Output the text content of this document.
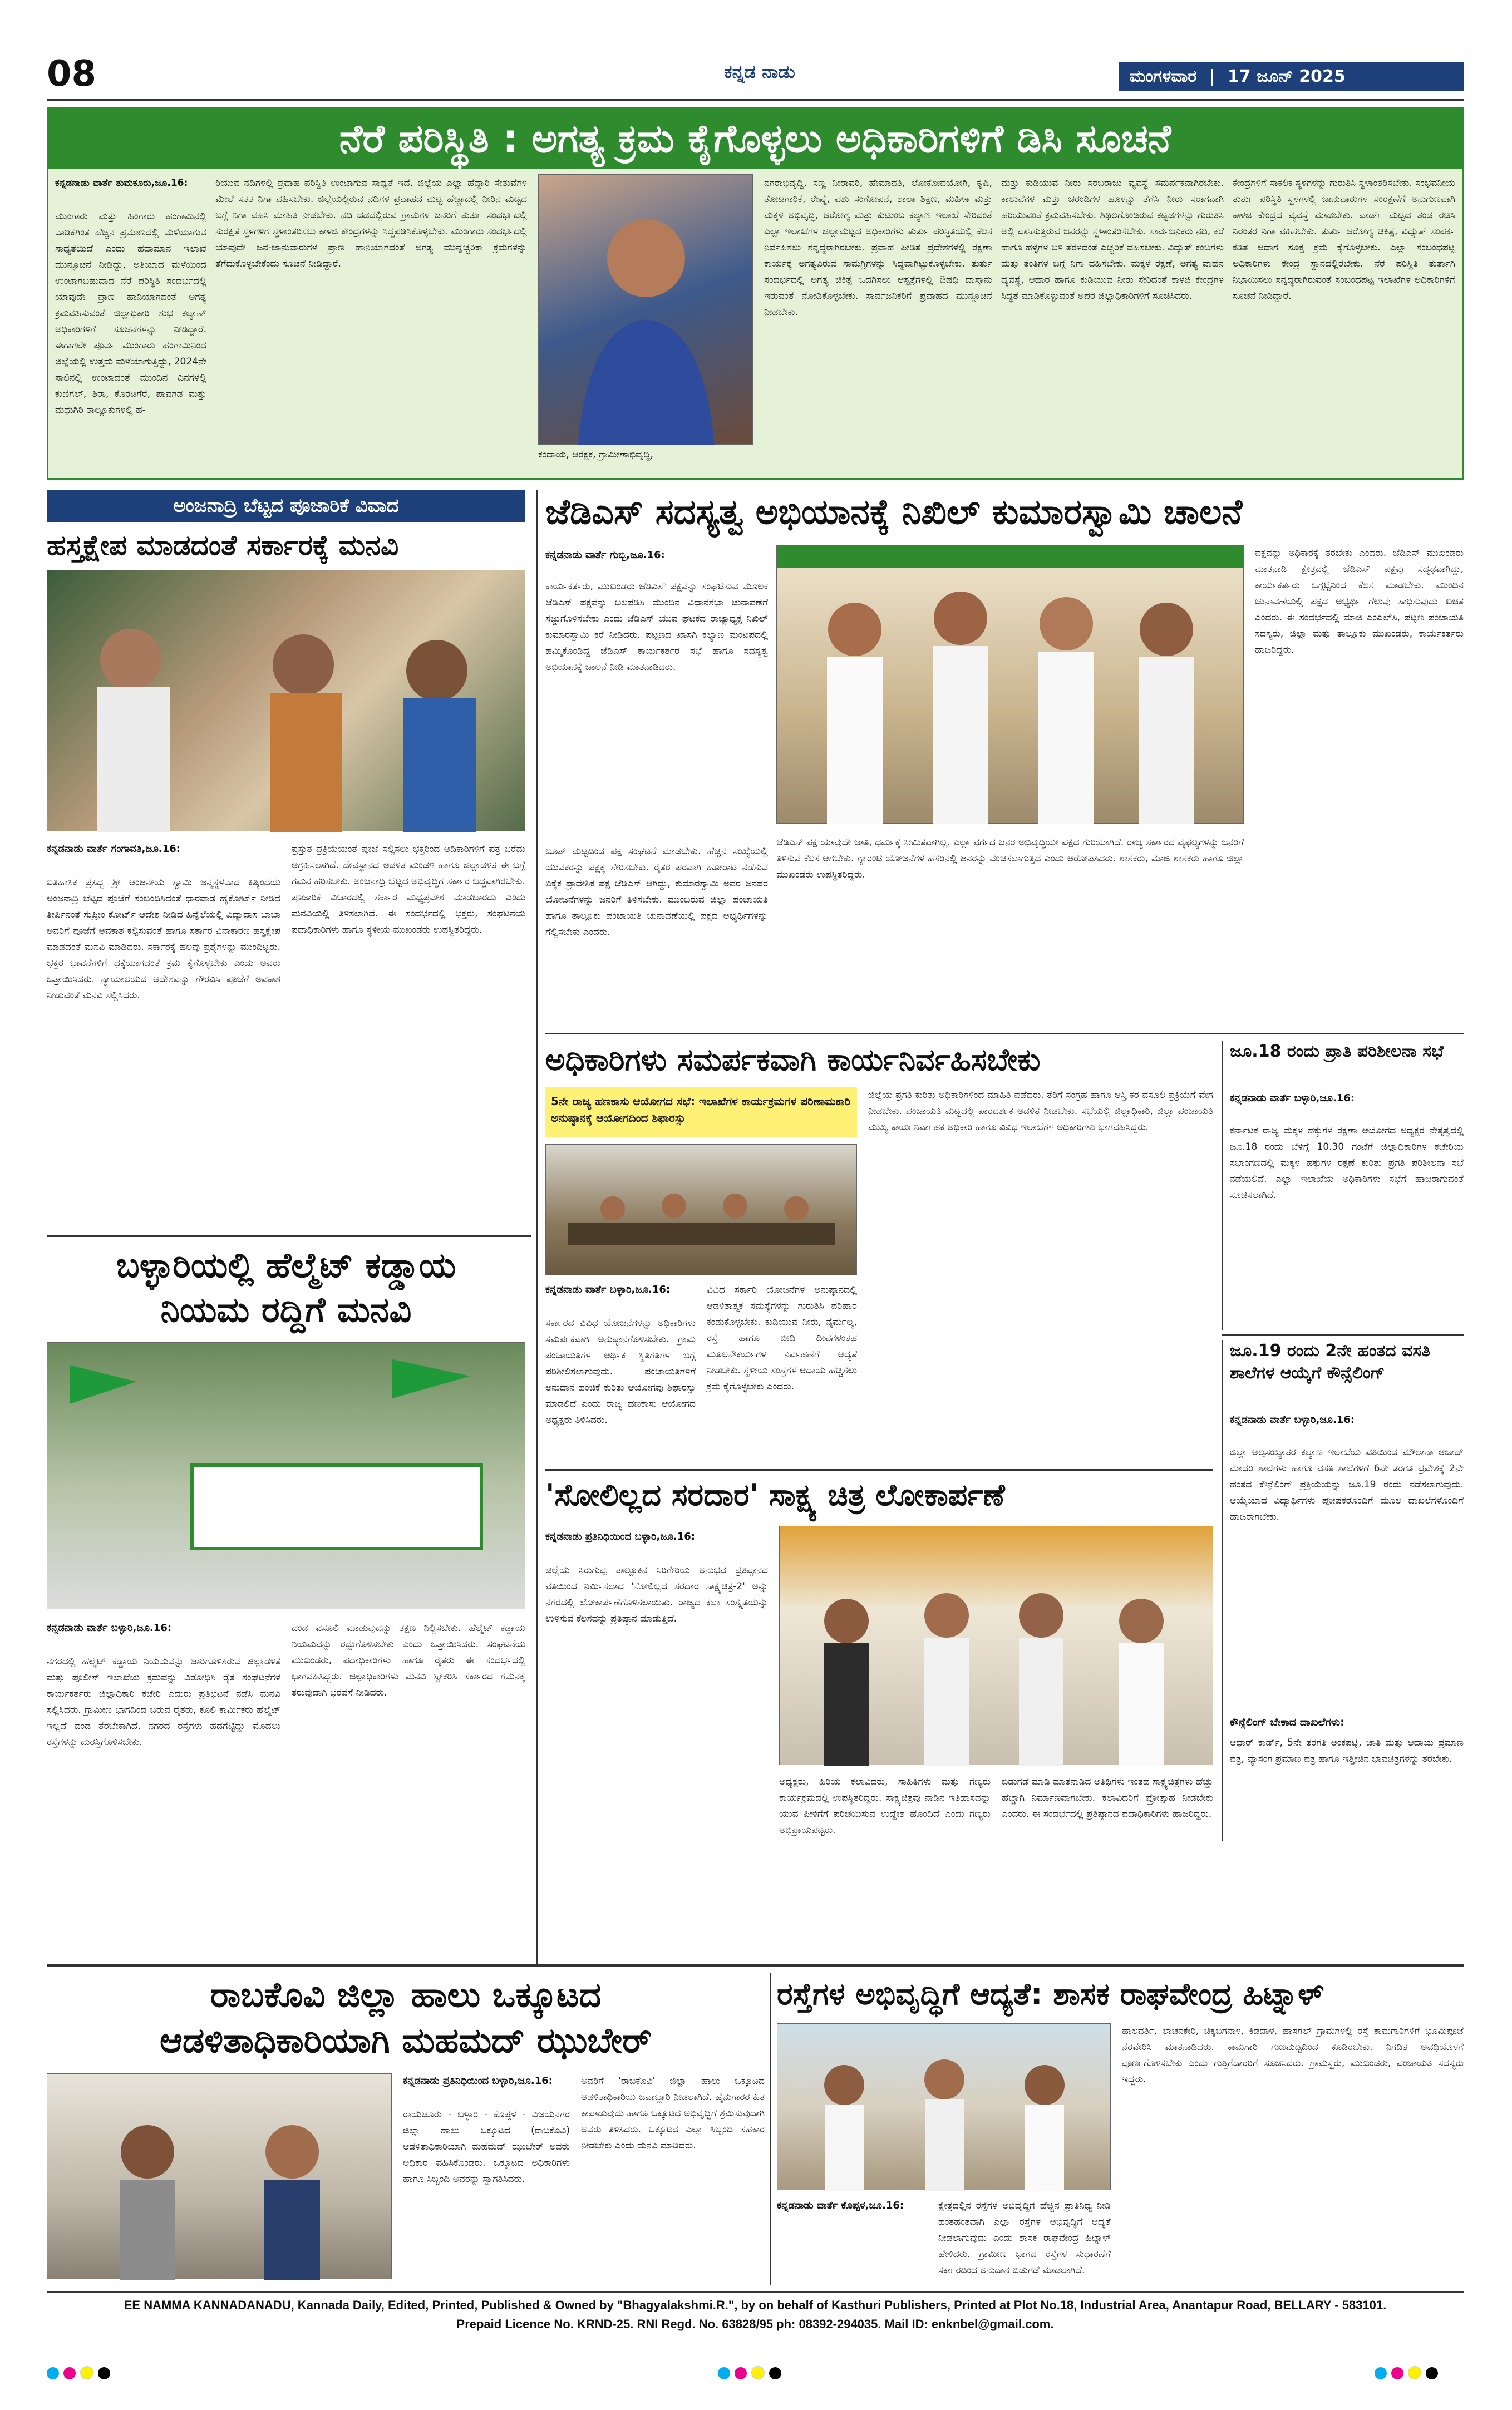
08	ಕನ್ನಡ ನಾಡು	ಮಂಗಳವಾರ | 17 ಜೂನ್ 2025
ನೆರೆ ಪರಿಸ್ಥಿತಿ : ಅಗತ್ಯ ಕ್ರಮ ಕೈಗೊಳ್ಳಲು ಅಧಿಕಾರಿಗಳಿಗೆ ಡಿಸಿ ಸೂಚನೆ
ಕನ್ನಡನಾಡು ವಾರ್ತೆ ತುಮಕೂರು,ಜೂ.16:
ಮುಂಗಾರು ಮತ್ತು ಹಿಂಗಾರು ಹಂಗಾಮಿನಲ್ಲಿ ವಾಡಿಕೆಗಿಂತ ಹೆಚ್ಚಿನ ಪ್ರಮಾಣದಲ್ಲಿ ಮಳೆಯಾಗುವ ಸಾಧ್ಯತೆಯಿದೆ ಎಂದು ಹವಾಮಾನ ಇಲಾಖೆ ಮುನ್ಸೂಚನೆ ನೀಡಿದ್ದು, ಅತಿಯಾದ ಮಳೆಯಿಂದ ಉಂಟಾಗಬಹುದಾದ ನೆರೆ ಪರಿಸ್ಥಿತಿ ಸಂದರ್ಭದಲ್ಲಿ ಯಾವುದೇ ಪ್ರಾಣ ಹಾನಿಯಾಗದಂತೆ ಅಗತ್ಯ ಕ್ರಮವಹಿಸುವಂತೆ ಜಿಲ್ಲಾಧಿಕಾರಿ ಶುಭ ಕಲ್ಯಾಣ್ ಅಧಿಕಾರಿಗಳಿಗೆ ಸೂಚನೆಗಳನ್ನು ನೀಡಿದ್ದಾರೆ. ಈಗಾಗಲೇ ಪೂರ್ವ ಮುಂಗಾರು ಹಂಗಾಮಿನಿಂದ ಜಿಲ್ಲೆಯಲ್ಲಿ ಉತ್ತಮ ಮಳೆಯಾಗುತ್ತಿದ್ದು, 2024ನೇ ಸಾಲಿನಲ್ಲಿ ಉಂಟಾದಂತೆ ಮುಂದಿನ ದಿನಗಳಲ್ಲಿ ಕುಣಿಗಲ್, ಶಿರಾ, ಕೊರಟಗೆರೆ, ಪಾವಗಡ ಮತ್ತು ಮಧುಗಿರಿ ತಾಲ್ಲೂಕುಗಳಲ್ಲಿ ಹ-
ರಿಯುವ ನದಿಗಳಲ್ಲಿ ಪ್ರವಾಹ ಪರಿಸ್ಥಿತಿ ಉಂಟಾಗುವ ಸಾಧ್ಯತೆ ಇದೆ. ಜಿಲ್ಲೆಯ ಎಲ್ಲಾ ಹೆದ್ದಾರಿ ಸೇತುವೆಗಳ ಮೇಲೆ ಸತತ ನಿಗಾ ವಹಿಸಬೇಕು. ಜಿಲ್ಲೆಯಲ್ಲಿರುವ ನದಿಗಳ ಪ್ರವಾಹದ ಮಟ್ಟ ಹೆಚ್ಚಾದಲ್ಲಿ ನೀರಿನ ಮಟ್ಟದ ಬಗ್ಗೆ ನಿಗಾ ವಹಿಸಿ ಮಾಹಿತಿ ನೀಡಬೇಕು. ನದಿ ದಡದಲ್ಲಿರುವ ಗ್ರಾಮಗಳ ಜನರಿಗೆ ತುರ್ತು ಸಂದರ್ಭದಲ್ಲಿ ಸುರಕ್ಷಿತ ಸ್ಥಳಗಳಿಗೆ ಸ್ಥಳಾಂತರಿಸಲು ಕಾಳಜಿ ಕೇಂದ್ರಗಳನ್ನು ಸಿದ್ಧಪಡಿಸಿಕೊಳ್ಳಬೇಕು. ಮುಂಗಾರು ಸಂದರ್ಭದಲ್ಲಿ ಯಾವುದೇ ಜನ-ಜಾನುವಾರುಗಳ ಪ್ರಾಣ ಹಾನಿಯಾಗದಂತೆ ಅಗತ್ಯ ಮುನ್ನೆಚ್ಚರಿಕಾ ಕ್ರಮಗಳನ್ನು ತೆಗೆದುಕೊಳ್ಳಬೇಕೆಂದು ಸೂಚನೆ ನೀಡಿದ್ದಾರೆ.
ಕಂದಾಯ, ಆರಕ್ಷಕ, ಗ್ರಾಮೀಣಾಭಿವೃದ್ಧಿ,
ನಗರಾಭಿವೃದ್ಧಿ, ಸಣ್ಣ ನೀರಾವರಿ, ಹೇಮಾವತಿ, ಲೋಕೋಪಯೋಗಿ, ಕೃಷಿ, ತೋಟಗಾರಿಕೆ, ರೇಷ್ಮೆ, ಪಶು ಸಂಗೋಪನೆ, ಶಾಲಾ ಶಿಕ್ಷಣ, ಮಹಿಳಾ ಮತ್ತು ಮಕ್ಕಳ ಅಭಿವೃದ್ಧಿ, ಆರೋಗ್ಯ ಮತ್ತು ಕುಟುಂಬ ಕಲ್ಯಾಣ ಇಲಾಖೆ ಸೇರಿದಂತೆ ಎಲ್ಲಾ ಇಲಾಖೆಗಳ ಜಿಲ್ಲಾಮಟ್ಟದ ಅಧಿಕಾರಿಗಳು ತುರ್ತು ಪರಿಸ್ಥಿತಿಯಲ್ಲಿ ಕೆಲಸ ನಿರ್ವಹಿಸಲು ಸನ್ನದ್ಧರಾಗಿರಬೇಕು. ಪ್ರವಾಹ ಪೀಡಿತ ಪ್ರದೇಶಗಳಲ್ಲಿ ರಕ್ಷಣಾ ಕಾರ್ಯಕ್ಕೆ ಅಗತ್ಯವಿರುವ ಸಾಮಗ್ರಿಗಳನ್ನು ಸಿದ್ಧವಾಗಿಟ್ಟುಕೊಳ್ಳಬೇಕು. ತುರ್ತು ಸಂದರ್ಭದಲ್ಲಿ ಅಗತ್ಯ ಚಿಕಿತ್ಸೆ ಒದಗಿಸಲು ಆಸ್ಪತ್ರೆಗಳಲ್ಲಿ ಔಷಧಿ ದಾಸ್ತಾನು ಇರುವಂತೆ ನೋಡಿಕೊಳ್ಳಬೇಕು. ಸಾರ್ವಜನಿಕರಿಗೆ ಪ್ರವಾಹದ ಮುನ್ಸೂಚನೆ ನೀಡಬೇಕು.
ಮತ್ತು ಕುಡಿಯುವ ನೀರು ಸರಬರಾಜು ವ್ಯವಸ್ಥೆ ಸಮರ್ಪಕವಾಗಿರಬೇಕು. ಕಾಲುವೆಗಳ ಮತ್ತು ಚರಂಡಿಗಳ ಹೂಳನ್ನು ತೆಗೆಸಿ ನೀರು ಸರಾಗವಾಗಿ ಹರಿಯುವಂತೆ ಕ್ರಮವಹಿಸಬೇಕು. ಶಿಥಿಲಗೊಂಡಿರುವ ಕಟ್ಟಡಗಳನ್ನು ಗುರುತಿಸಿ ಅಲ್ಲಿ ವಾಸಿಸುತ್ತಿರುವ ಜನರನ್ನು ಸ್ಥಳಾಂತರಿಸಬೇಕು. ಸಾರ್ವಜನಿಕರು ನದಿ, ಕೆರೆ ಹಾಗೂ ಹಳ್ಳಗಳ ಬಳಿ ತೆರಳದಂತೆ ಎಚ್ಚರಿಕೆ ವಹಿಸಬೇಕು. ವಿದ್ಯುತ್ ಕಂಬಗಳು ಮತ್ತು ತಂತಿಗಳ ಬಗ್ಗೆ ನಿಗಾ ವಹಿಸಬೇಕು. ಮಕ್ಕಳ ರಕ್ಷಣೆ, ಅಗತ್ಯ ವಾಹನ ವ್ಯವಸ್ಥೆ, ಆಹಾರ ಹಾಗೂ ಕುಡಿಯುವ ನೀರು ಸೇರಿದಂತೆ ಕಾಳಜಿ ಕೇಂದ್ರಗಳ ಸಿದ್ಧತೆ ಮಾಡಿಕೊಳ್ಳುವಂತೆ ಅಪರ ಜಿಲ್ಲಾಧಿಕಾರಿಗಳಿಗೆ ಸೂಚಿಸಿದರು.
ಕೇಂದ್ರಗಳಿಗೆ ಸಾಕಲಿಕ ಸ್ಥಳಗಳನ್ನು ಗುರುತಿಸಿ ಸ್ಥಳಾಂತರಿಸಬೇಕು. ಸಂಭವನೀಯ ತುರ್ತು ಪರಿಸ್ಥಿತಿ ಸ್ಥಳಗಳಲ್ಲಿ ಜಾನುವಾರುಗಳ ಸಂರಕ್ಷಣೆಗೆ ಅನುಗುಣವಾಗಿ ಕಾಳಜಿ ಕೇಂದ್ರದ ವ್ಯವಸ್ಥೆ ಮಾಡಬೇಕು. ವಾರ್ಡ್ ಮಟ್ಟದ ತಂಡ ರಚಿಸಿ ನಿರಂತರ ನಿಗಾ ವಹಿಸಬೇಕು. ತುರ್ತು ಆರೋಗ್ಯ ಚಿಕಿತ್ಸೆ, ವಿದ್ಯುತ್ ಸಂಪರ್ಕ ಕಡಿತ ಆದಾಗ ಸೂಕ್ತ ಕ್ರಮ ಕೈಗೊಳ್ಳಬೇಕು. ಎಲ್ಲಾ ಸಂಬಂಧಪಟ್ಟ ಅಧಿಕಾರಿಗಳು ಕೇಂದ್ರ ಸ್ಥಾನದಲ್ಲಿರಬೇಕು. ನೆರೆ ಪರಿಸ್ಥಿತಿ ತುರ್ತಾಗಿ ನಿಭಾಯಿಸಲು ಸನ್ನದ್ಧರಾಗಿರುವಂತೆ ಸಂಬಂಧಪಟ್ಟ ಇಲಾಖೆಗಳ ಅಧಿಕಾರಿಗಳಿಗೆ ಸೂಚನೆ ನೀಡಿದ್ದಾರೆ.
ಅಂಜನಾದ್ರಿ ಬೆಟ್ಟದ ಪೂಜಾರಿಕೆ ವಿವಾದ
ಹಸ್ತಕ್ಷೇಪ ಮಾಡದಂತೆ ಸರ್ಕಾರಕ್ಕೆ ಮನವಿ
ಕನ್ನಡನಾಡು ವಾರ್ತೆ ಗಂಗಾವತಿ,ಜೂ.16:
ಐತಿಹಾಸಿಕ ಪ್ರಸಿದ್ಧ ಶ್ರೀ ಆಂಜನೇಯ ಸ್ವಾಮಿ ಜನ್ಮಸ್ಥಳವಾದ ಕಿಷ್ಕಿಂದೆಯ ಅಂಜನಾದ್ರಿ ಬೆಟ್ಟದ ಪೂಜೆಗೆ ಸಂಬಂಧಿಸಿದಂತೆ ಧಾರವಾಡ ಹೈಕೋರ್ಟ್ ನೀಡಿದ ತೀರ್ಪಿನಂತೆ ಸುಪ್ರೀಂ ಕೋರ್ಟ್ ಆದೇಶ ನೀಡಿದ ಹಿನ್ನೆಲೆಯಲ್ಲಿ ವಿದ್ಯಾದಾಸ ಬಾಬಾ ಅವರಿಗೆ ಪೂಜೆಗೆ ಅವಕಾಶ ಕಲ್ಪಿಸುವಂತೆ ಹಾಗೂ ಸರ್ಕಾರ ವಿನಾಕಾರಣ ಹಸ್ತಕ್ಷೇಪ ಮಾಡದಂತೆ ಮನವಿ ಮಾಡಿದರು. ಸರ್ಕಾರಕ್ಕೆ ಹಲವು ಪ್ರಶ್ನೆಗಳನ್ನು ಮುಂದಿಟ್ಟರು. ಭಕ್ತರ ಭಾವನೆಗಳಿಗೆ ಧಕ್ಕೆಯಾಗದಂತೆ ಕ್ರಮ ಕೈಗೊಳ್ಳಬೇಕು ಎಂದು ಅವರು ಒತ್ತಾಯಿಸಿದರು. ನ್ಯಾಯಾಲಯದ ಆದೇಶವನ್ನು ಗೌರವಿಸಿ ಪೂಜೆಗೆ ಅವಕಾಶ ನೀಡುವಂತೆ ಮನವಿ ಸಲ್ಲಿಸಿದರು.
ಪ್ರಸ್ತುತ ಪ್ರಕ್ರಿಯೆಯಂತೆ ಪೂಜೆ ಸಲ್ಲಿಸಲು ಭಕ್ತರಿಂದ ಆದಿಕಾರಿಗಳಿಗೆ ಪತ್ರ ಬರೆದು ಆಗ್ರಹಿಸಲಾಗಿದೆ. ದೇವಸ್ಥಾನದ ಆಡಳಿತ ಮಂಡಳಿ ಹಾಗೂ ಜಿಲ್ಲಾಡಳಿತ ಈ ಬಗ್ಗೆ ಗಮನ ಹರಿಸಬೇಕು. ಅಂಜನಾದ್ರಿ ಬೆಟ್ಟದ ಅಭಿವೃದ್ಧಿಗೆ ಸರ್ಕಾರ ಬದ್ಧವಾಗಿರಬೇಕು. ಪೂಜಾರಿಕೆ ವಿಚಾರದಲ್ಲಿ ಸರ್ಕಾರ ಮಧ್ಯಪ್ರವೇಶ ಮಾಡಬಾರದು ಎಂದು ಮನವಿಯಲ್ಲಿ ತಿಳಿಸಲಾಗಿದೆ. ಈ ಸಂದರ್ಭದಲ್ಲಿ ಭಕ್ತರು, ಸಂಘಟನೆಯ ಪದಾಧಿಕಾರಿಗಳು ಹಾಗೂ ಸ್ಥಳೀಯ ಮುಖಂಡರು ಉಪಸ್ಥಿತರಿದ್ದರು.
ಬಳ್ಳಾರಿಯಲ್ಲಿ ಹೆಲ್ಮೆಟ್ ಕಡ್ಡಾಯ
ನಿಯಮ ರದ್ದಿಗೆ ಮನವಿ
ಕನ್ನಡನಾಡು ವಾರ್ತೆ ಬಳ್ಳಾರಿ,ಜೂ.16:
ನಗರದಲ್ಲಿ ಹೆಲ್ಮೆಟ್ ಕಡ್ಡಾಯ ನಿಯಮವನ್ನು ಜಾರಿಗೊಳಿಸಿರುವ ಜಿಲ್ಲಾಡಳಿತ ಮತ್ತು ಪೊಲೀಸ್ ಇಲಾಖೆಯ ಕ್ರಮವನ್ನು ವಿರೋಧಿಸಿ ರೈತ ಸಂಘಟನೆಗಳ ಕಾರ್ಯಕರ್ತರು ಜಿಲ್ಲಾಧಿಕಾರಿ ಕಚೇರಿ ಎದುರು ಪ್ರತಿಭಟನೆ ನಡೆಸಿ ಮನವಿ ಸಲ್ಲಿಸಿದರು. ಗ್ರಾಮೀಣ ಭಾಗದಿಂದ ಬರುವ ರೈತರು, ಕೂಲಿ ಕಾರ್ಮಿಕರು ಹೆಲ್ಮೆಟ್ ಇಲ್ಲದೆ ದಂಡ ತೆರಬೇಕಾಗಿದೆ. ನಗರದ ರಸ್ತೆಗಳು ಹದಗೆಟ್ಟಿದ್ದು ಮೊದಲು ರಸ್ತೆಗಳನ್ನು ದುರಸ್ತಿಗೊಳಿಸಬೇಕು.
ದಂಡ ವಸೂಲಿ ಮಾಡುವುದನ್ನು ತಕ್ಷಣ ನಿಲ್ಲಿಸಬೇಕು. ಹೆಲ್ಮೆಟ್ ಕಡ್ಡಾಯ ನಿಯಮವನ್ನು ರದ್ದುಗೊಳಿಸಬೇಕು ಎಂದು ಒತ್ತಾಯಿಸಿದರು. ಸಂಘಟನೆಯ ಮುಖಂಡರು, ಪದಾಧಿಕಾರಿಗಳು ಹಾಗೂ ರೈತರು ಈ ಸಂದರ್ಭದಲ್ಲಿ ಭಾಗವಹಿಸಿದ್ದರು. ಜಿಲ್ಲಾಧಿಕಾರಿಗಳು ಮನವಿ ಸ್ವೀಕರಿಸಿ ಸರ್ಕಾರದ ಗಮನಕ್ಕೆ ತರುವುದಾಗಿ ಭರವಸೆ ನೀಡಿದರು.
ಜೆಡಿಎಸ್ ಸದಸ್ಯತ್ವ ಅಭಿಯಾನಕ್ಕೆ ನಿಖಿಲ್ ಕುಮಾರಸ್ವಾಮಿ ಚಾಲನೆ
ಕನ್ನಡನಾಡು ವಾರ್ತೆ ಗುಬ್ಬಿ,ಜೂ.16:
ಕಾರ್ಯಕರ್ತರು, ಮುಖಂಡರು ಜೆಡಿಎಸ್ ಪಕ್ಷವನ್ನು ಸಂಘಟಿಸುವ ಮೂಲಕ ಜೆಡಿಎಸ್ ಪಕ್ಷವನ್ನು ಬಲಪಡಿಸಿ ಮುಂದಿನ ವಿಧಾನಸಭಾ ಚುನಾವಣೆಗೆ ಸಜ್ಜುಗೊಳಿಸಬೇಕು ಎಂದು ಜೆಡಿಎಸ್ ಯುವ ಘಟಕದ ರಾಜ್ಯಾಧ್ಯಕ್ಷ ನಿಖಿಲ್ ಕುಮಾರಸ್ವಾಮಿ ಕರೆ ನೀಡಿದರು. ಪಟ್ಟಣದ ಖಾಸಗಿ ಕಲ್ಯಾಣ ಮಂಟಪದಲ್ಲಿ ಹಮ್ಮಿಕೊಂಡಿದ್ದ ಜೆಡಿಎಸ್ ಕಾರ್ಯಕರ್ತರ ಸಭೆ ಹಾಗೂ ಸದಸ್ಯತ್ವ ಅಭಿಯಾನಕ್ಕೆ ಚಾಲನೆ ನೀಡಿ ಮಾತನಾಡಿದರು.
ಪಕ್ಷವನ್ನು ಅಧಿಕಾರಕ್ಕೆ ತರಬೇಕು ಎಂದರು. ಜೆಡಿಎಸ್ ಮುಖಂಡರು ಮಾತನಾಡಿ ಕ್ಷೇತ್ರದಲ್ಲಿ ಜೆಡಿಎಸ್ ಪಕ್ಷವು ಸದೃಢವಾಗಿದ್ದು, ಕಾರ್ಯಕರ್ತರು ಒಗ್ಗಟ್ಟಿನಿಂದ ಕೆಲಸ ಮಾಡಬೇಕು. ಮುಂದಿನ ಚುನಾವಣೆಯಲ್ಲಿ ಪಕ್ಷದ ಅಭ್ಯರ್ಥಿ ಗೆಲುವು ಸಾಧಿಸುವುದು ಖಚಿತ ಎಂದರು. ಈ ಸಂದರ್ಭದಲ್ಲಿ ಮಾಜಿ ಎಂಎಲ್‌ಸಿ, ಪಟ್ಟಣ ಪಂಚಾಯತಿ ಸದಸ್ಯರು, ಜಿಲ್ಲಾ ಮತ್ತು ತಾಲ್ಲೂಕು ಮುಖಂಡರು, ಕಾರ್ಯಕರ್ತರು ಹಾಜರಿದ್ದರು.
ಬೂತ್ ಮಟ್ಟದಿಂದ ಪಕ್ಷ ಸಂಘಟನೆ ಮಾಡಬೇಕು. ಹೆಚ್ಚಿನ ಸಂಖ್ಯೆಯಲ್ಲಿ ಯುವಕರನ್ನು ಪಕ್ಷಕ್ಕೆ ಸೇರಿಸಬೇಕು. ರೈತರ ಪರವಾಗಿ ಹೋರಾಟ ನಡೆಸುವ ಏಕೈಕ ಪ್ರಾದೇಶಿಕ ಪಕ್ಷ ಜೆಡಿಎಸ್ ಆಗಿದ್ದು, ಕುಮಾರಸ್ವಾಮಿ ಅವರ ಜನಪರ ಯೋಜನೆಗಳನ್ನು ಜನರಿಗೆ ತಿಳಿಸಬೇಕು. ಮುಂಬರುವ ಜಿಲ್ಲಾ ಪಂಚಾಯತಿ ಹಾಗೂ ತಾಲ್ಲೂಕು ಪಂಚಾಯತಿ ಚುನಾವಣೆಯಲ್ಲಿ ಪಕ್ಷದ ಅಭ್ಯರ್ಥಿಗಳನ್ನು ಗೆಲ್ಲಿಸಬೇಕು ಎಂದರು.
ಜೆಡಿಎಸ್ ಪಕ್ಷ ಯಾವುದೇ ಜಾತಿ, ಧರ್ಮಕ್ಕೆ ಸೀಮಿತವಾಗಿಲ್ಲ. ಎಲ್ಲಾ ವರ್ಗದ ಜನರ ಅಭಿವೃದ್ಧಿಯೇ ಪಕ್ಷದ ಗುರಿಯಾಗಿದೆ. ರಾಜ್ಯ ಸರ್ಕಾರದ ವೈಫಲ್ಯಗಳನ್ನು ಜನರಿಗೆ ತಿಳಿಸುವ ಕೆಲಸ ಆಗಬೇಕು. ಗ್ಯಾರಂಟಿ ಯೋಜನೆಗಳ ಹೆಸರಿನಲ್ಲಿ ಜನರನ್ನು ವಂಚಿಸಲಾಗುತ್ತಿದೆ ಎಂದು ಆರೋಪಿಸಿದರು. ಶಾಸಕರು, ಮಾಜಿ ಶಾಸಕರು ಹಾಗೂ ಜಿಲ್ಲಾ ಮುಖಂಡರು ಉಪಸ್ಥಿತರಿದ್ದರು.
ಅಧಿಕಾರಿಗಳು ಸಮರ್ಪಕವಾಗಿ ಕಾರ್ಯನಿರ್ವಹಿಸಬೇಕು
5ನೇ ರಾಜ್ಯ ಹಣಕಾಸು ಆಯೋಗದ ಸಭೆ: ಇಲಾಖೆಗಳ ಕಾರ್ಯಕ್ರಮಗಳ ಪರಿಣಾಮಕಾರಿ ಅನುಷ್ಠಾನಕ್ಕೆ ಆಯೋಗದಿಂದ ಶಿಫಾರಸ್ಸು
ಕನ್ನಡನಾಡು ವಾರ್ತೆ ಬಳ್ಳಾರಿ,ಜೂ.16:
ಸರ್ಕಾರದ ವಿವಿಧ ಯೋಜನೆಗಳನ್ನು ಅಧಿಕಾರಿಗಳು ಸಮರ್ಪಕವಾಗಿ ಅನುಷ್ಠಾನಗೊಳಿಸಬೇಕು. ಗ್ರಾಮ ಪಂಚಾಯತಿಗಳ ಆರ್ಥಿಕ ಸ್ಥಿತಿಗತಿಗಳ ಬಗ್ಗೆ ಪರಿಶೀಲಿಸಲಾಗುವುದು. ಪಂಚಾಯತಿಗಳಿಗೆ ಅನುದಾನ ಹಂಚಿಕೆ ಕುರಿತು ಆಯೋಗವು ಶಿಫಾರಸ್ಸು ಮಾಡಲಿದೆ ಎಂದು ರಾಜ್ಯ ಹಣಕಾಸು ಆಯೋಗದ ಅಧ್ಯಕ್ಷರು ತಿಳಿಸಿದರು.
ವಿವಿಧ ಸರ್ಕಾರಿ ಯೋಜನೆಗಳ ಅನುಷ್ಠಾನದಲ್ಲಿ ಆಡಳಿತಾತ್ಮಕ ಸಮಸ್ಯೆಗಳನ್ನು ಗುರುತಿಸಿ ಪರಿಹಾರ ಕಂಡುಕೊಳ್ಳಬೇಕು. ಕುಡಿಯುವ ನೀರು, ನೈರ್ಮಲ್ಯ, ರಸ್ತೆ ಹಾಗೂ ಬೀದಿ ದೀಪಗಳಂತಹ ಮೂಲಸೌಕರ್ಯಗಳ ನಿರ್ವಹಣೆಗೆ ಆದ್ಯತೆ ನೀಡಬೇಕು. ಸ್ಥಳೀಯ ಸಂಸ್ಥೆಗಳ ಆದಾಯ ಹೆಚ್ಚಿಸಲು ಕ್ರಮ ಕೈಗೊಳ್ಳಬೇಕು ಎಂದರು.
ಜಿಲ್ಲೆಯ ಪ್ರಗತಿ ಕುರಿತು ಅಧಿಕಾರಿಗಳಿಂದ ಮಾಹಿತಿ ಪಡೆದರು. ತೆರಿಗೆ ಸಂಗ್ರಹ ಹಾಗೂ ಆಸ್ತಿ ಕರ ವಸೂಲಿ ಪ್ರಕ್ರಿಯೆಗೆ ವೇಗ ನೀಡಬೇಕು. ಪಂಚಾಯತಿ ಮಟ್ಟದಲ್ಲಿ ಪಾರದರ್ಶಕ ಆಡಳಿತ ನೀಡಬೇಕು. ಸಭೆಯಲ್ಲಿ ಜಿಲ್ಲಾಧಿಕಾರಿ, ಜಿಲ್ಲಾ ಪಂಚಾಯತಿ ಮುಖ್ಯ ಕಾರ್ಯನಿರ್ವಾಹಕ ಅಧಿಕಾರಿ ಹಾಗೂ ವಿವಿಧ ಇಲಾಖೆಗಳ ಅಧಿಕಾರಿಗಳು ಭಾಗವಹಿಸಿದ್ದರು.
ಜೂ.18 ರಂದು ಪ್ರಾತಿ ಪರಿಶೀಲನಾ ಸಭೆ
ಕನ್ನಡನಾಡು ವಾರ್ತೆ ಬಳ್ಳಾರಿ,ಜೂ.16:
ಕರ್ನಾಟಕ ರಾಜ್ಯ ಮಕ್ಕಳ ಹಕ್ಕುಗಳ ರಕ್ಷಣಾ ಆಯೋಗದ ಅಧ್ಯಕ್ಷರ ನೇತೃತ್ವದಲ್ಲಿ ಜೂ.18 ರಂದು ಬೆಳಿಗ್ಗೆ 10.30 ಗಂಟೆಗೆ ಜಿಲ್ಲಾಧಿಕಾರಿಗಳ ಕಚೇರಿಯ ಸಭಾಂಗಣದಲ್ಲಿ ಮಕ್ಕಳ ಹಕ್ಕುಗಳ ರಕ್ಷಣೆ ಕುರಿತು ಪ್ರಗತಿ ಪರಿಶೀಲನಾ ಸಭೆ ನಡೆಯಲಿದೆ. ಎಲ್ಲಾ ಇಲಾಖೆಯ ಅಧಿಕಾರಿಗಳು ಸಭೆಗೆ ಹಾಜರಾಗುವಂತೆ ಸೂಚಿಸಲಾಗಿದೆ.
ಜೂ.19 ರಂದು 2ನೇ ಹಂತದ ವಸತಿ ಶಾಲೆಗಳ ಆಯ್ಕೆಗೆ ಕೌನ್ಸೆಲಿಂಗ್
ಕನ್ನಡನಾಡು ವಾರ್ತೆ ಬಳ್ಳಾರಿ,ಜೂ.16:
ಜಿಲ್ಲಾ ಅಲ್ಪಸಂಖ್ಯಾತರ ಕಲ್ಯಾಣ ಇಲಾಖೆಯ ವತಿಯಿಂದ ಮೌಲಾನಾ ಆಜಾದ್ ಮಾದರಿ ಶಾಲೆಗಳು ಹಾಗೂ ವಸತಿ ಶಾಲೆಗಳಿಗೆ 6ನೇ ತರಗತಿ ಪ್ರವೇಶಕ್ಕೆ 2ನೇ ಹಂತದ ಕೌನ್ಸೆಲಿಂಗ್ ಪ್ರಕ್ರಿಯೆಯನ್ನು ಜೂ.19 ರಂದು ನಡೆಸಲಾಗುವುದು. ಆಯ್ಕೆಯಾದ ವಿದ್ಯಾರ್ಥಿಗಳು ಪೋಷಕರೊಂದಿಗೆ ಮೂಲ ದಾಖಲೆಗಳೊಂದಿಗೆ ಹಾಜರಾಗಬೇಕು.
ಕೌನ್ಸೆಲಿಂಗ್ ಬೇಕಾದ ದಾಖಲೆಗಳು:
ಆಧಾರ್ ಕಾರ್ಡ್, 5ನೇ ತರಗತಿ ಅಂಕಪಟ್ಟಿ, ಜಾತಿ ಮತ್ತು ಆದಾಯ ಪ್ರಮಾಣ ಪತ್ರ, ವ್ಯಾಸಂಗ ಪ್ರಮಾಣ ಪತ್ರ ಹಾಗೂ ಇತ್ತೀಚಿನ ಭಾವಚಿತ್ರಗಳನ್ನು ತರಬೇಕು.
'ಸೋಲಿಲ್ಲದ ಸರದಾರ' ಸಾಕ್ಷ್ಯ ಚಿತ್ರ ಲೋಕಾರ್ಪಣೆ
ಕನ್ನಡನಾಡು ಪ್ರತಿನಿಧಿಯಿಂದ ಬಳ್ಳಾರಿ,ಜೂ.16:
ಜಿಲ್ಲೆಯ ಸಿರುಗುಪ್ಪ ತಾಲ್ಲೂಕಿನ ಸಿರಿಗೇರಿಯ ಅನುಭವ ಪ್ರತಿಷ್ಠಾನದ ವತಿಯಿಂದ ನಿರ್ಮಿಸಲಾದ 'ಸೋಲಿಲ್ಲದ ಸರದಾರ ಸಾಕ್ಷ್ಯಚಿತ್ರ-2' ಅನ್ನು ನಗರದಲ್ಲಿ ಲೋಕಾರ್ಪಣೆಗೊಳಿಸಲಾಯಿತು. ರಾಜ್ಯದ ಕಲಾ ಸಂಸ್ಕೃತಿಯನ್ನು ಉಳಿಸುವ ಕೆಲಸವನ್ನು ಪ್ರತಿಷ್ಠಾನ ಮಾಡುತ್ತಿದೆ.
ಅಧ್ಯಕ್ಷರು, ಹಿರಿಯ ಕಲಾವಿದರು, ಸಾಹಿತಿಗಳು ಮತ್ತು ಗಣ್ಯರು ಕಾರ್ಯಕ್ರಮದಲ್ಲಿ ಉಪಸ್ಥಿತರಿದ್ದರು. ಸಾಕ್ಷ್ಯಚಿತ್ರವು ನಾಡಿನ ಇತಿಹಾಸವನ್ನು ಯುವ ಪೀಳಿಗೆಗೆ ಪರಿಚಯಿಸುವ ಉದ್ದೇಶ ಹೊಂದಿದೆ ಎಂದು ಗಣ್ಯರು ಅಭಿಪ್ರಾಯಪಟ್ಟರು.
ಬಿಡುಗಡೆ ಮಾಡಿ ಮಾತನಾಡಿದ ಅತಿಥಿಗಳು ಇಂತಹ ಸಾಕ್ಷ್ಯಚಿತ್ರಗಳು ಹೆಚ್ಚು ಹೆಚ್ಚಾಗಿ ನಿರ್ಮಾಣವಾಗಬೇಕು. ಕಲಾವಿದರಿಗೆ ಪ್ರೋತ್ಸಾಹ ನೀಡಬೇಕು ಎಂದರು. ಈ ಸಂದರ್ಭದಲ್ಲಿ ಪ್ರತಿಷ್ಠಾನದ ಪದಾಧಿಕಾರಿಗಳು ಹಾಜರಿದ್ದರು.
ರಾಬಕೊವಿ ಜಿಲ್ಲಾ ಹಾಲು ಒಕ್ಕೂಟದ
ಆಡಳಿತಾಧಿಕಾರಿಯಾಗಿ ಮಹಮದ್ ಝುಬೇರ್
ಕನ್ನಡನಾಡು ಪ್ರತಿನಿಧಿಯಿಂದ ಬಳ್ಳಾರಿ,ಜೂ.16:
ರಾಯಚೂರು - ಬಳ್ಳಾರಿ - ಕೊಪ್ಪಳ - ವಿಜಯನಗರ ಜಿಲ್ಲಾ ಹಾಲು ಒಕ್ಕೂಟದ (ರಾಬಕೊವಿ) ಆಡಳಿತಾಧಿಕಾರಿಯಾಗಿ ಮಹಮದ್ ಝುಬೇರ್ ಅವರು ಅಧಿಕಾರ ವಹಿಸಿಕೊಂಡರು. ಒಕ್ಕೂಟದ ಅಧಿಕಾರಿಗಳು ಹಾಗೂ ಸಿಬ್ಬಂದಿ ಅವರನ್ನು ಸ್ವಾಗತಿಸಿದರು.
ಅವರಿಗೆ 'ರಾಬಕೊವಿ' ಜಿಲ್ಲಾ ಹಾಲು ಒಕ್ಕೂಟದ ಆಡಳಿತಾಧಿಕಾರಿಯ ಜವಾಬ್ದಾರಿ ನೀಡಲಾಗಿದೆ. ಹೈನುಗಾರರ ಹಿತ ಕಾಪಾಡುವುದು ಹಾಗೂ ಒಕ್ಕೂಟದ ಅಭಿವೃದ್ಧಿಗೆ ಶ್ರಮಿಸುವುದಾಗಿ ಅವರು ತಿಳಿಸಿದರು. ಒಕ್ಕೂಟದ ಎಲ್ಲಾ ಸಿಬ್ಬಂದಿ ಸಹಕಾರ ನೀಡಬೇಕು ಎಂದು ಮನವಿ ಮಾಡಿದರು.
ರಸ್ತೆಗಳ ಅಭಿವೃದ್ಧಿಗೆ ಆದ್ಯತೆ: ಶಾಸಕ ರಾಘವೇಂದ್ರ ಹಿಟ್ನಾಳ್
ಕನ್ನಡನಾಡು ವಾರ್ತೆ ಕೊಪ್ಪಳ,ಜೂ.16:	ಕ್ಷೇತ್ರದಲ್ಲಿನ ರಸ್ತೆಗಳ ಅಭಿವೃದ್ಧಿಗೆ ಹೆಚ್ಚಿನ ಪ್ರಾತಿನಿಧ್ಯ ನೀಡಿ ಹಂತಹಂತವಾಗಿ ಎಲ್ಲಾ ರಸ್ತೆಗಳ ಅಭಿವೃದ್ಧಿಗೆ ಆದ್ಯತೆ ನೀಡಲಾಗುವುದು ಎಂದು ಶಾಸಕ ರಾಘವೇಂದ್ರ ಹಿಟ್ನಾಳ್ ಹೇಳಿದರು. ಗ್ರಾಮೀಣ ಭಾಗದ ರಸ್ತೆಗಳ ಸುಧಾರಣೆಗೆ ಸರ್ಕಾರದಿಂದ ಅನುದಾನ ಬಿಡುಗಡೆ ಮಾಡಲಾಗಿದೆ.
ಹಾಲವರ್ತಿ, ಲಾಚನಕೇರಿ, ಚಿಕ್ಕಬಗನಾಳ, ಕಿಡದಾಳ, ಹಾಸಗಲ್ ಗ್ರಾಮಗಳಲ್ಲಿ ರಸ್ತೆ ಕಾಮಗಾರಿಗಳಿಗೆ ಭೂಮಿಪೂಜೆ ನೆರವೇರಿಸಿ ಮಾತನಾಡಿದರು. ಕಾಮಗಾರಿ ಗುಣಮಟ್ಟದಿಂದ ಕೂಡಿರಬೇಕು. ನಿಗದಿತ ಅವಧಿಯೊಳಗೆ ಪೂರ್ಣಗೊಳಿಸಬೇಕು ಎಂದು ಗುತ್ತಿಗೆದಾರರಿಗೆ ಸೂಚಿಸಿದರು. ಗ್ರಾಮಸ್ಥರು, ಮುಖಂಡರು, ಪಂಚಾಯತಿ ಸದಸ್ಯರು ಇದ್ದರು.
EE NAMMA KANNADANADU, Kannada Daily, Edited, Printed, Published & Owned by "Bhagyalakshmi.R.", by on behalf of Kasthuri Publishers, Printed at Plot No.18, Industrial Area, Anantapur Road, BELLARY - 583101.
Prepaid Licence No. KRND-25. RNI Regd. No. 63828/95 ph: 08392-294035. Mail ID: enknbel@gmail.com.
